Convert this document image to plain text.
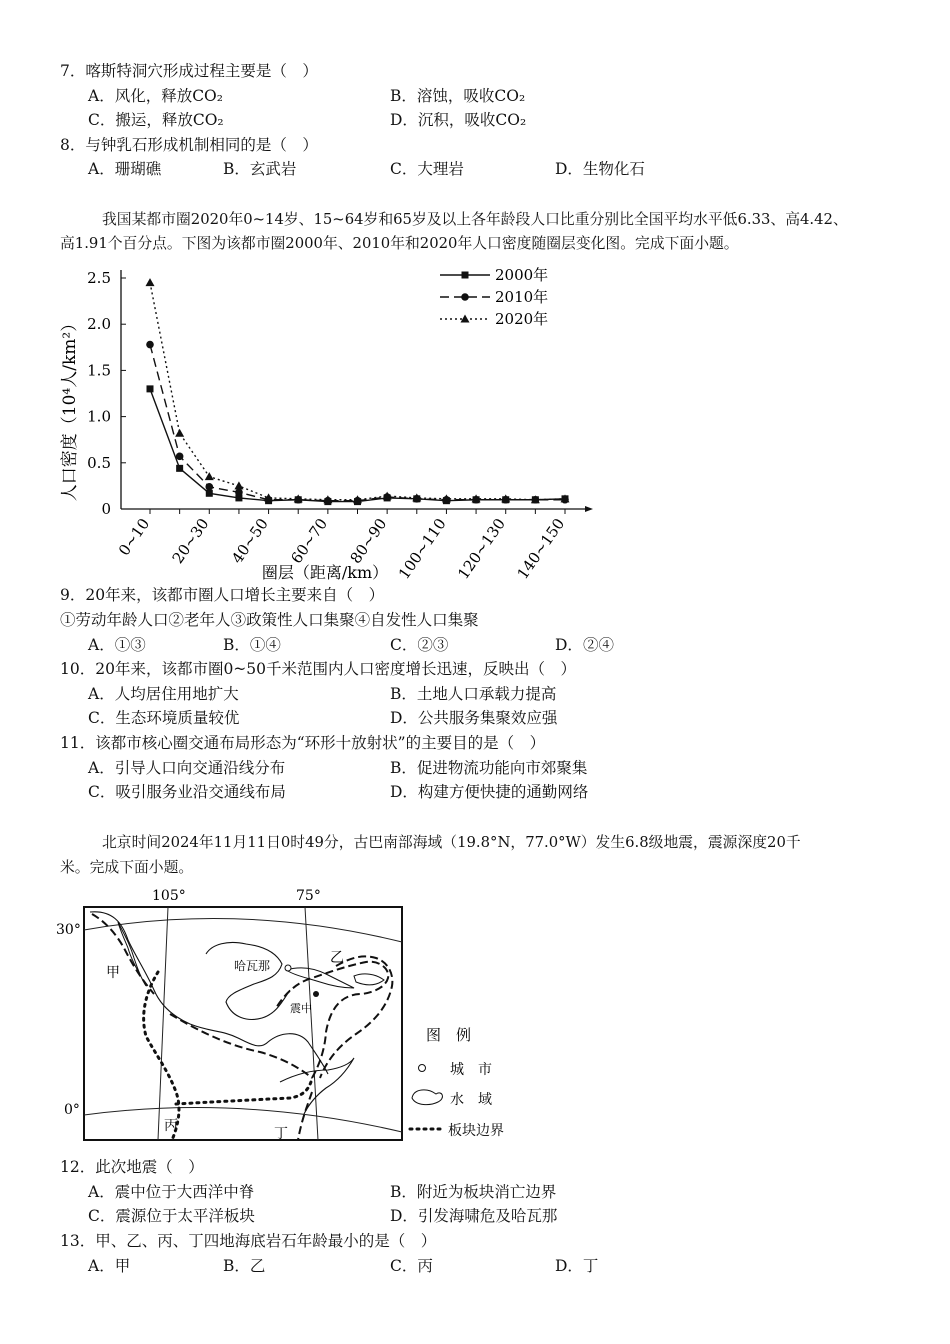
7．喀斯特洞穴形成过程主要是（　）
A．风化，释放CO₂	B．溶蚀，吸收CO₂
C．搬运，释放CO₂	D．沉积，吸收CO₂
8．与钟乳石形成机制相同的是（　）
A．珊瑚礁	B．玄武岩	C．大理岩	D．生物化石
我国某都市圈2020年0~14岁、15~64岁和65岁及以上各年龄段人口比重分别比全国平均水平低6.33、高4.42、
高1.91个百分点。下图为该都市圈2000年、2010年和2020年人口密度随圈层变化图。完成下面小题。
0
0.5
1.0
1.5
2.0
2.5
0~10 20~30 40~50 60~70 80~90 100~110 120~130 140~150
2000年
2010年
2020年
人口密度（10⁴人/km²）
圈层（距离/km）
9．20年来，该都市圈人口增长主要来自（　）
①劳动年龄人口②老年人③政策性人口集聚④自发性人口集聚
A．①③	B．①④	C．②③	D．②④
10．20年来，该都市圈0~50千米范围内人口密度增长迅速，反映出（　）
A．人均居住用地扩大	B．土地人口承载力提高
C．生态环境质量较优	D．公共服务集聚效应强
11．该都市核心圈交通布局形态为“环形十放射状”的主要目的是（　）
A．引导人口向交通沿线分布	B．促进物流功能向市郊聚集
C．吸引服务业沿交通线布局	D．构建方便快捷的通勤网络
北京时间2024年11月11日0时49分，古巴南部海域（19.8°N，77.0°W）发生6.8级地震，震源深度20千
米。完成下面小题。
105°	75°
30°
0°
甲
乙
丙	丁
哈瓦那
震中
图　例
城　市
水　域
板块边界
12．此次地震（　）
A．震中位于大西洋中脊	B．附近为板块消亡边界
C．震源位于太平洋板块	D．引发海啸危及哈瓦那
13．甲、乙、丙、丁四地海底岩石年龄最小的是（　）
A．甲	B．乙	C．丙	D．丁
